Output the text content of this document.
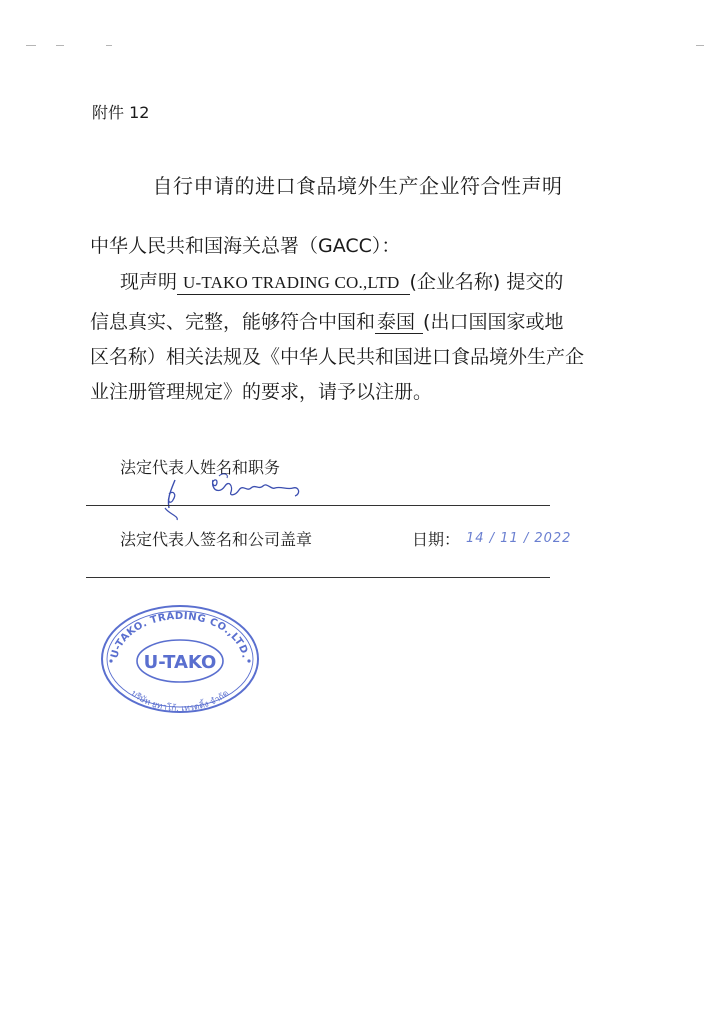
附件 12
自行申请的进口食品境外生产企业符合性声明
中华人民共和国海关总署（GACC）：
现声明 U-TAKO TRADING CO.,LTD (企业名称) 提交的
信息真实、完整，能够符合中国和 泰国 (出口国国家或地
区名称）相关法规及《中华人民共和国进口食品境外生产企
业注册管理规定》的要求，请予以注册。
法定代表人姓名和职务
法定代表人签名和公司盖章	日期： 14 / 11 / 2022
U-TAKO. TRADING CO.,LTD.
U-TAKO
บริษัท ยูทาโก้. เทรดดิ้ง จำกัด
